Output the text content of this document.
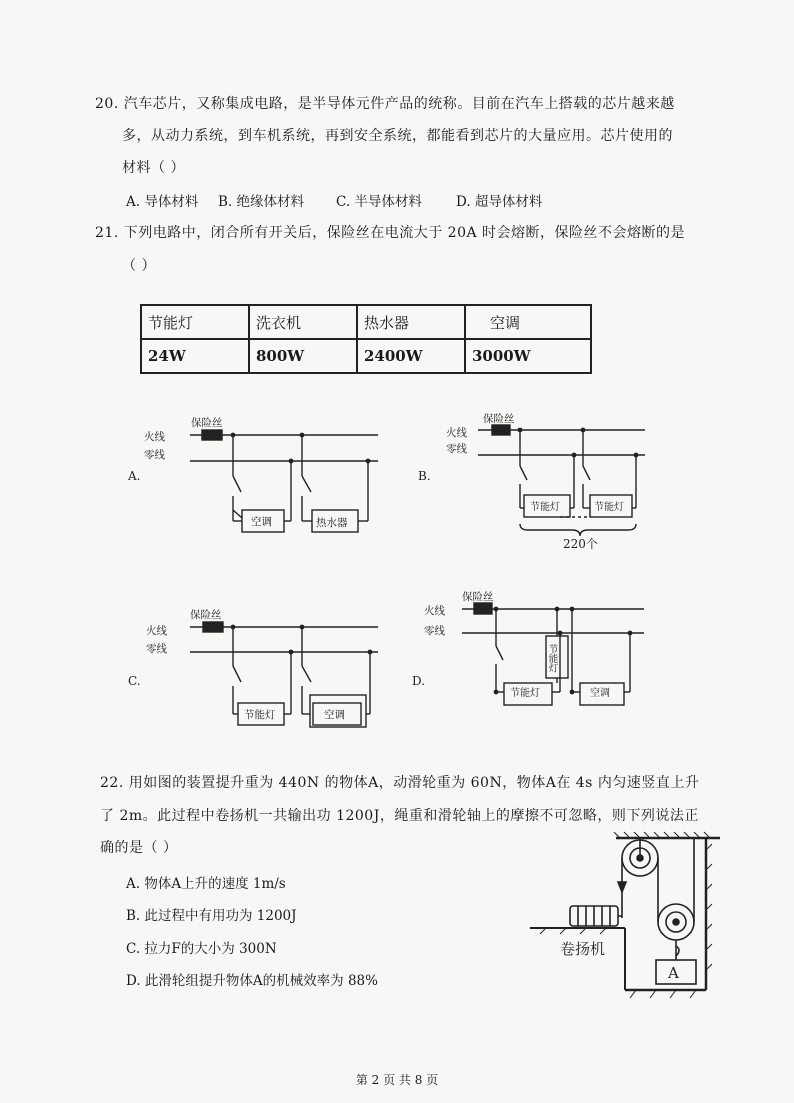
20. 汽车芯片，又称集成电路，是半导体元件产品的统称。目前在汽车上搭载的芯片越来越
多，从动力系统，到车机系统，再到安全系统，都能看到芯片的大量应用。芯片使用的
材料（ ）
A. 导体材料 B. 绝缘体材料 C. 半导体材料	D. 超导体材料
21. 下列电路中，闭合所有开关后，保险丝在电流大于 20A 时会熔断，保险丝不会熔断的是
（ ）
节能灯	洗衣机	热水器	空调
24W	800W	2400W	3000W
保险丝
火线
零线
A.
空调	热水器
保险丝
火线
零线
B.
节能灯	节能灯
220个
保险丝
火线
零线
C.
节能灯	空调
保险丝
火线
零线
D.
节能灯
节能灯
空调
22. 用如图的装置提升重为 440N 的物体A，动滑轮重为 60N，物体A在 4s 内匀速竖直上升
了 2m。此过程中卷扬机一共输出功 1200J，绳重和滑轮轴上的摩擦不可忽略，则下列说法正
确的是（ ）
A. 物体A上升的速度 1m/s
B. 此过程中有用功为 1200J
C. 拉力F的大小为 300N
D. 此滑轮组提升物体A的机械效率为 88%
卷扬机
A
第 2 页 共 8 页
